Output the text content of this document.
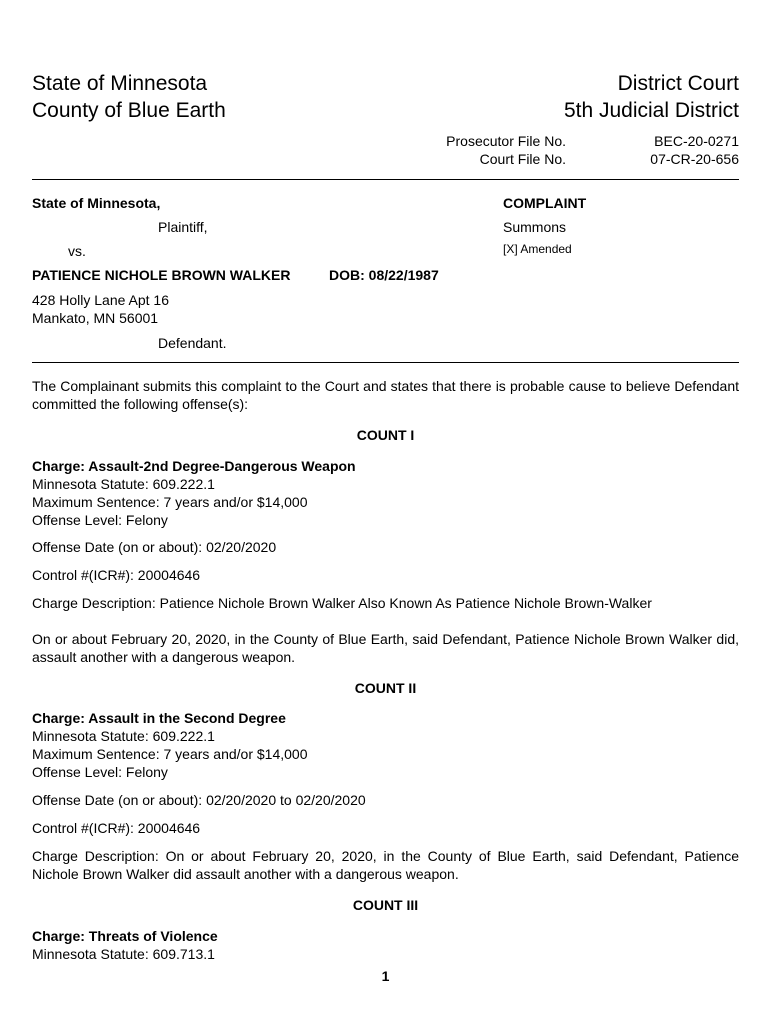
State of Minnesota
County of Blue Earth
District Court
5th Judicial District
Prosecutor File No.	BEC-20-0271
Court File No.	07-CR-20-656
State of Minnesota,
Plaintiff,
vs.
PATIENCE NICHOLE BROWN WALKER	DOB: 08/22/1987
428 Holly Lane Apt 16
Mankato, MN 56001
Defendant.
COMPLAINT
Summons
[X] Amended
The Complainant submits this complaint to the Court and states that there is probable cause to believe Defendant committed the following offense(s):
COUNT I
Charge: Assault-2nd Degree-Dangerous Weapon
Minnesota Statute: 609.222.1
Maximum Sentence: 7 years and/or $14,000
Offense Level: Felony
Offense Date (on or about): 02/20/2020
Control #(ICR#): 20004646
Charge Description: Patience Nichole Brown Walker Also Known As Patience Nichole Brown-Walker
On or about February 20, 2020, in the County of Blue Earth, said Defendant, Patience Nichole Brown Walker did, assault another with a dangerous weapon.
COUNT II
Charge: Assault in the Second Degree
Minnesota Statute: 609.222.1
Maximum Sentence: 7 years and/or $14,000
Offense Level: Felony
Offense Date (on or about): 02/20/2020 to 02/20/2020
Control #(ICR#): 20004646
Charge Description: On or about February 20, 2020, in the County of Blue Earth, said Defendant, Patience Nichole Brown Walker did assault another with a dangerous weapon.
COUNT III
Charge: Threats of Violence
Minnesota Statute: 609.713.1
1
